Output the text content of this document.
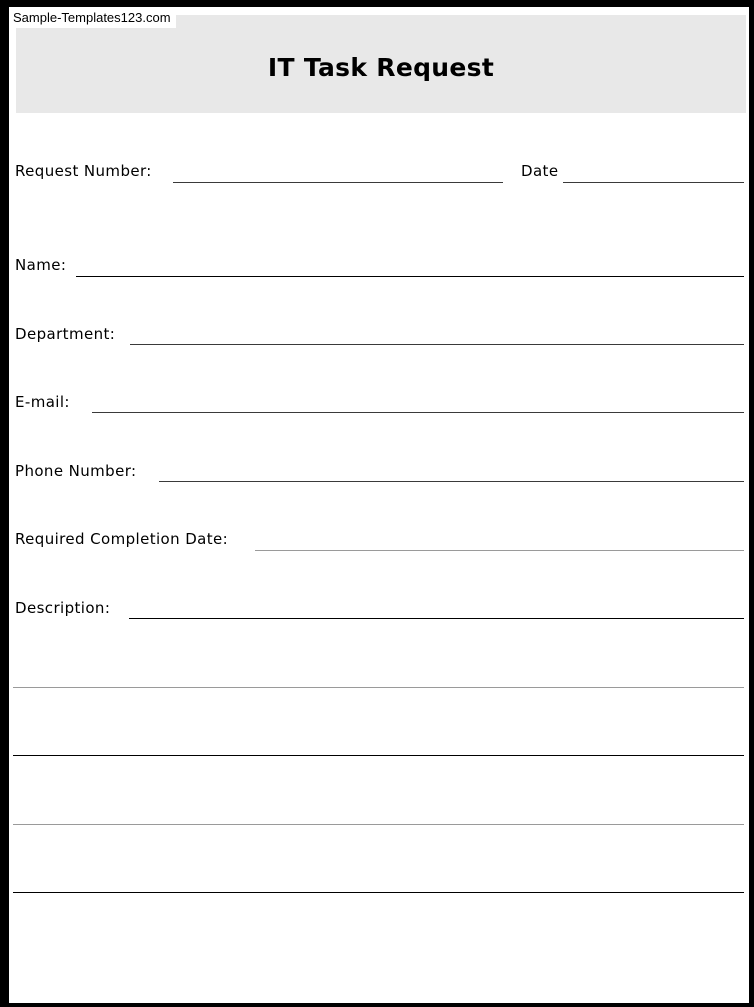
Sample-Templates123.com
IT Task Request
Request Number:	Date
Name:
Department:
E-mail:
Phone Number:
Required Completion Date:
Description:
